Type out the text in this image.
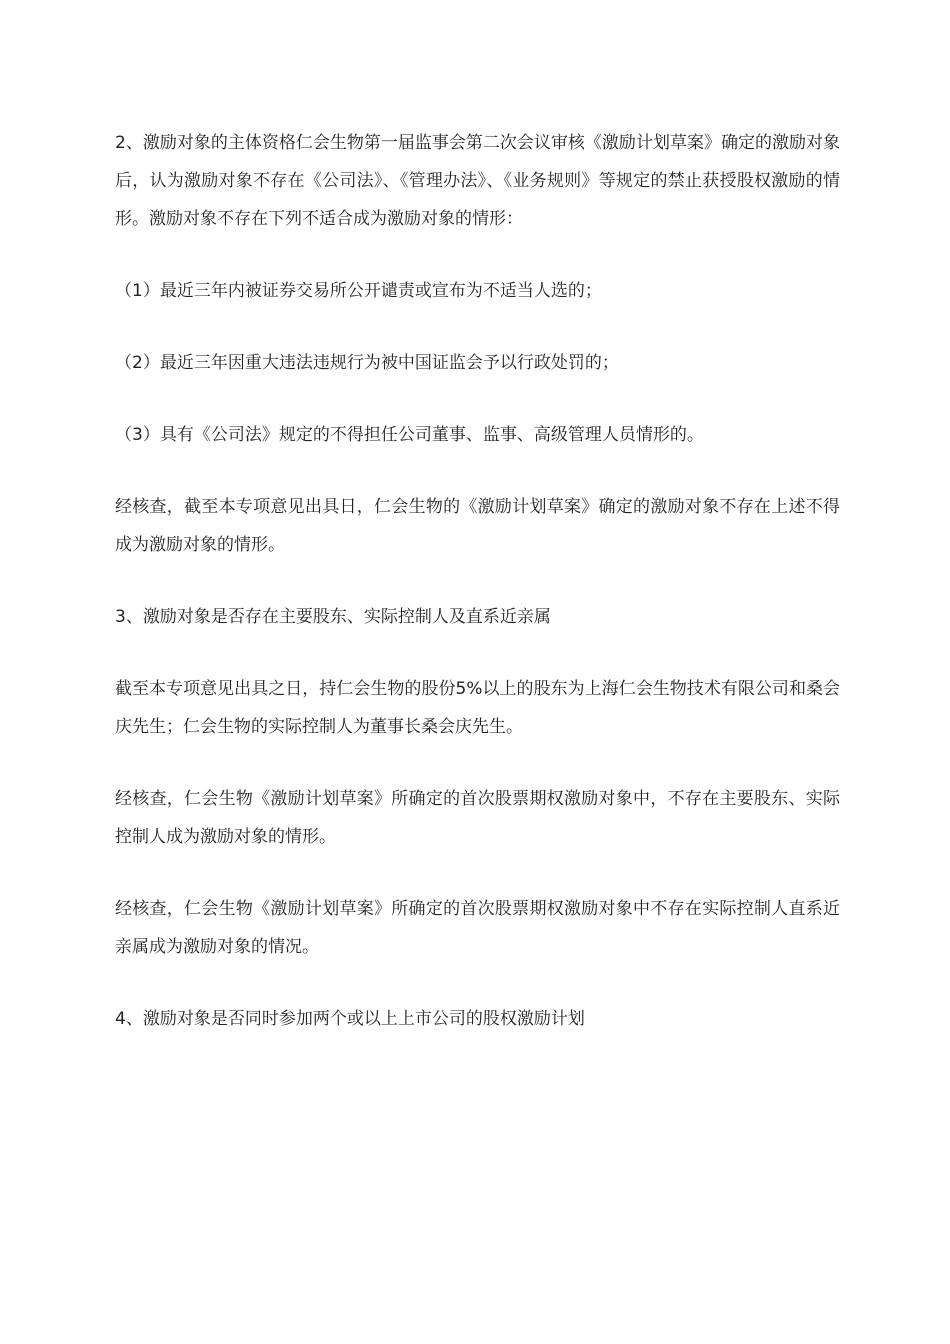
2、激励对象的主体资格仁会生物第一届监事会第二次会议审核《激励计划草案》确定的激励对象后，认为激励对象不存在《公司法》、《管理办法》、《业务规则》等规定的禁止获授股权激励的情形。激励对象不存在下列不适合成为激励对象的情形：

（1）最近三年内被证券交易所公开谴责或宣布为不适当人选的；

（2）最近三年因重大违法违规行为被中国证监会予以行政处罚的；

（3）具有《公司法》规定的不得担任公司董事、监事、高级管理人员情形的。

经核查，截至本专项意见出具日，仁会生物的《激励计划草案》确定的激励对象不存在上述不得成为激励对象的情形。

3、激励对象是否存在主要股东、实际控制人及直系近亲属

截至本专项意见出具之日，持仁会生物的股份5%以上的股东为上海仁会生物技术有限公司和桑会庆先生；仁会生物的实际控制人为董事长桑会庆先生。

经核查，仁会生物《激励计划草案》所确定的首次股票期权激励对象中，不存在主要股东、实际控制人成为激励对象的情形。

经核查，仁会生物《激励计划草案》所确定的首次股票期权激励对象中不存在实际控制人直系近亲属成为激励对象的情况。

4、激励对象是否同时参加两个或以上上市公司的股权激励计划
